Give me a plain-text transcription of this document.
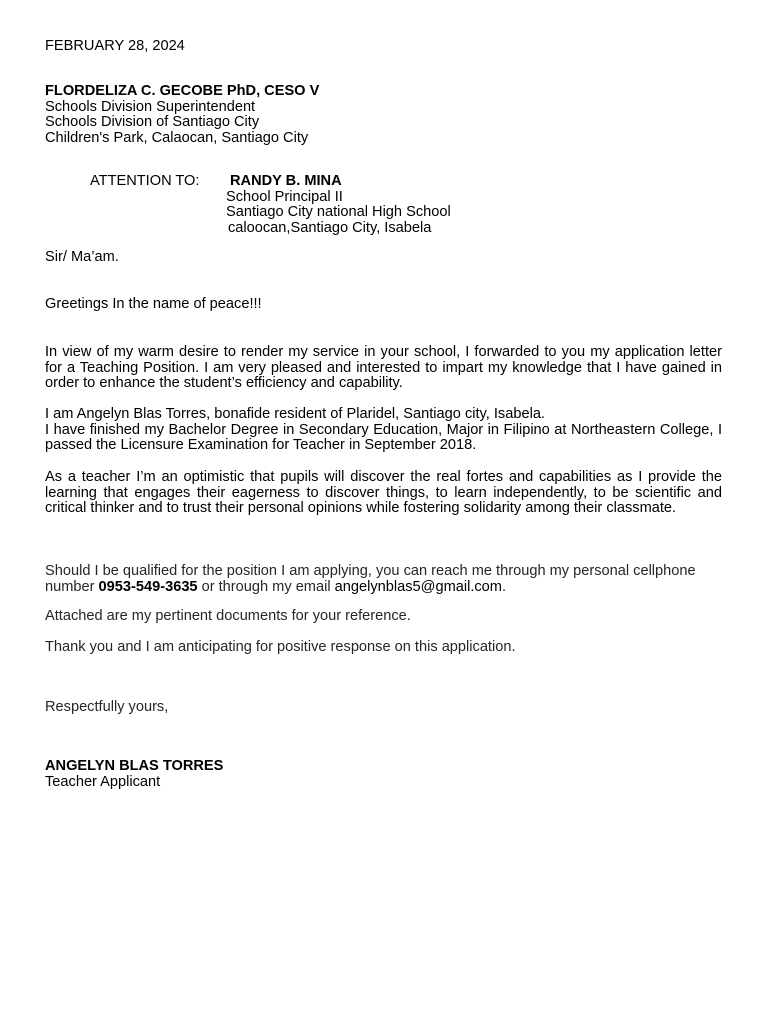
FEBRUARY 28, 2024
FLORDELIZA C. GECOBE PhD, CESO V
Schools Division Superintendent
Schools Division of Santiago City
Children's Park, Calaocan, Santiago City
ATTENTION TO: RANDY B. MINA
School Principal II
Santiago City national High School
caloocan,Santiago City, Isabela
Sir/ Ma’am.
Greetings In the name of peace!!!

In view of my warm desire to render my service in your school, I forwarded to you my application letter for a Teaching Position. I am very pleased and interested to impart my knowledge that I have gained in order to enhance the student’s efficiency and capability.

I am Angelyn Blas Torres, bonafide resident of Plaridel, Santiago city, Isabela.

I have finished my Bachelor Degree in Secondary Education, Major in Filipino at Northeastern College, I passed the Licensure Examination for Teacher in September 2018.

As a teacher I’m an optimistic that pupils will discover the real fortes and capabilities as I provide the learning that engages their eagerness to discover things, to learn independently, to be scientific and critical thinker and to trust their personal opinions while fostering solidarity among their classmate.

Should I be qualified for the position I am applying, you can reach me through my personal cellphone number 0953-549-3635 or through my email angelynblas5@gmail.com.

Attached are my pertinent documents for your reference.
Thank you and I am anticipating for positive response on this application.
Respectfully yours,
ANGELYN BLAS TORRES
Teacher Applicant
